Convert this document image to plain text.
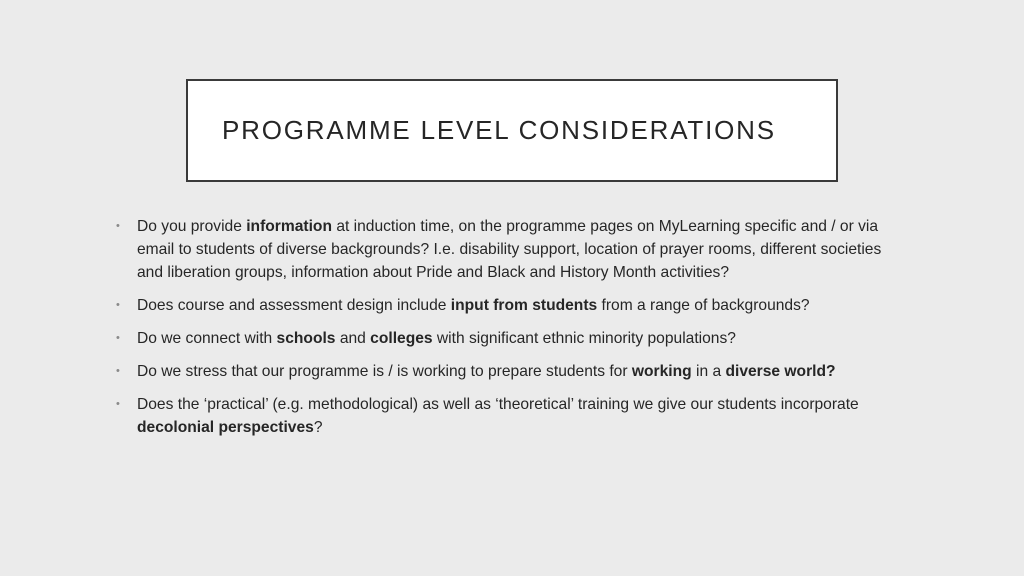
PROGRAMME LEVEL CONSIDERATIONS
• Do you provide information at induction time, on the programme pages on MyLearning specific and / or via email to students of diverse backgrounds? I.e. disability support, location of prayer rooms, different societies and liberation groups, information about Pride and Black and History Month activities?
• Does course and assessment design include input from students from a range of backgrounds?
• Do we connect with schools and colleges with significant ethnic minority populations?
• Do we stress that our programme is / is working to prepare students for working in a diverse world?
• Does the ‘practical’ (e.g. methodological) as well as ‘theoretical’ training we give our students incorporate decolonial perspectives?
